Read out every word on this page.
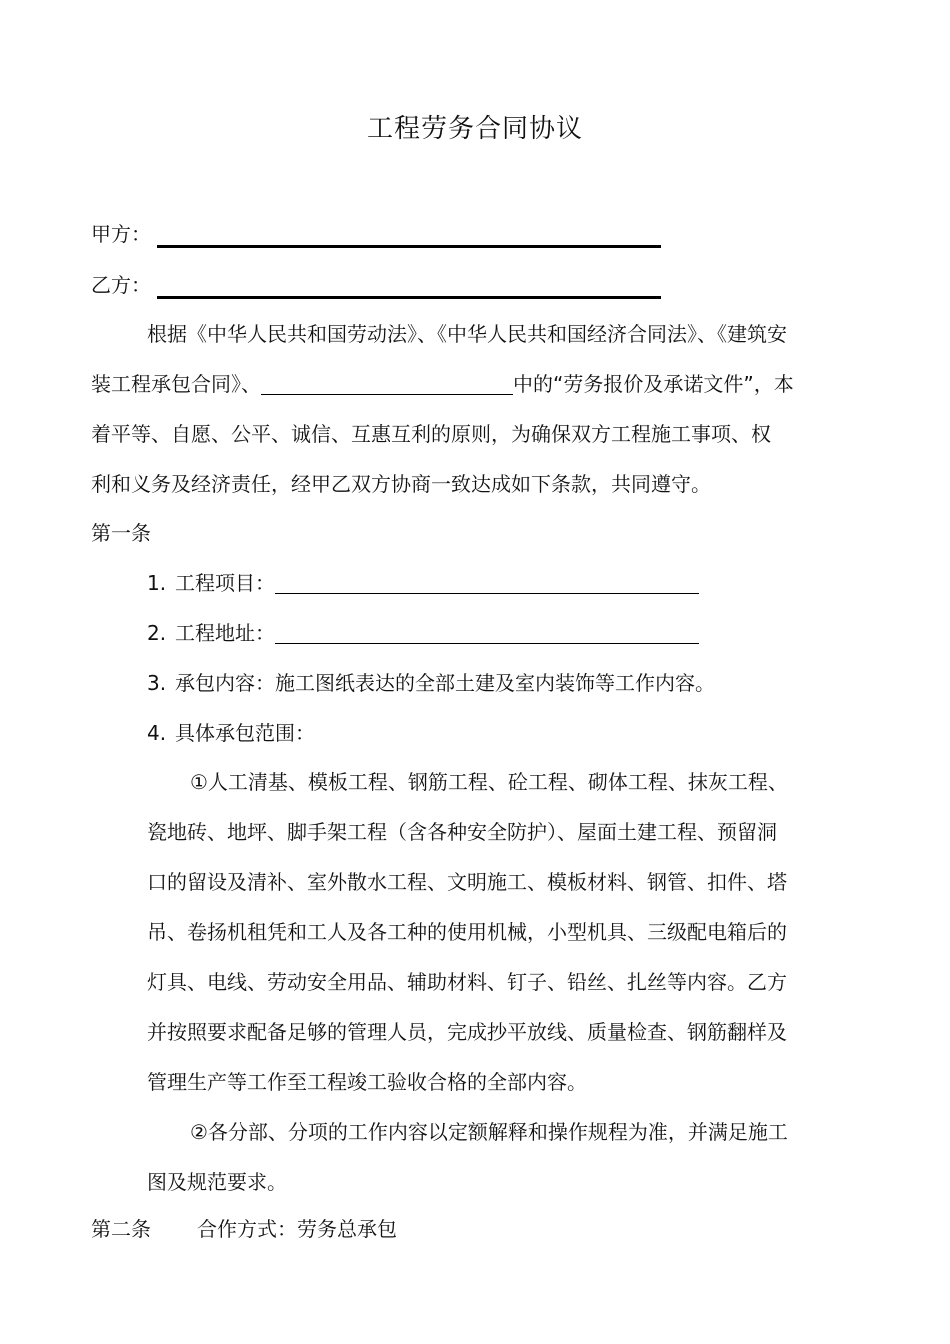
工程劳务合同协议
甲方：
乙方：
根据《中华人民共和国劳动法》、《中华人民共和国经济合同法》、《建筑安
装工程承包合同》、	中的“劳务报价及承诺文件”，本
着平等、自愿、公平、诚信、互惠互利的原则，为确保双方工程施工事项、权
利和义务及经济责任，经甲乙双方协商一致达成如下条款，共同遵守。
第一条
1. 工程项目：
2. 工程地址：
3. 承包内容：施工图纸表达的全部土建及室内装饰等工作内容。
4. 具体承包范围：
①人工清基、模板工程、钢筋工程、砼工程、砌体工程、抹灰工程、
瓷地砖、地坪、脚手架工程（含各种安全防护）、屋面土建工程、预留洞
口的留设及清补、室外散水工程、文明施工、模板材料、钢管、扣件、塔
吊、卷扬机租凭和工人及各工种的使用机械，小型机具、三级配电箱后的
灯具、电线、劳动安全用品、辅助材料、钉子、铅丝、扎丝等内容。乙方
并按照要求配备足够的管理人员，完成抄平放线、质量检查、钢筋翻样及
管理生产等工作至工程竣工验收合格的全部内容。
②各分部、分项的工作内容以定额解释和操作规程为准，并满足施工
图及规范要求。
第二条 合作方式：劳务总承包
